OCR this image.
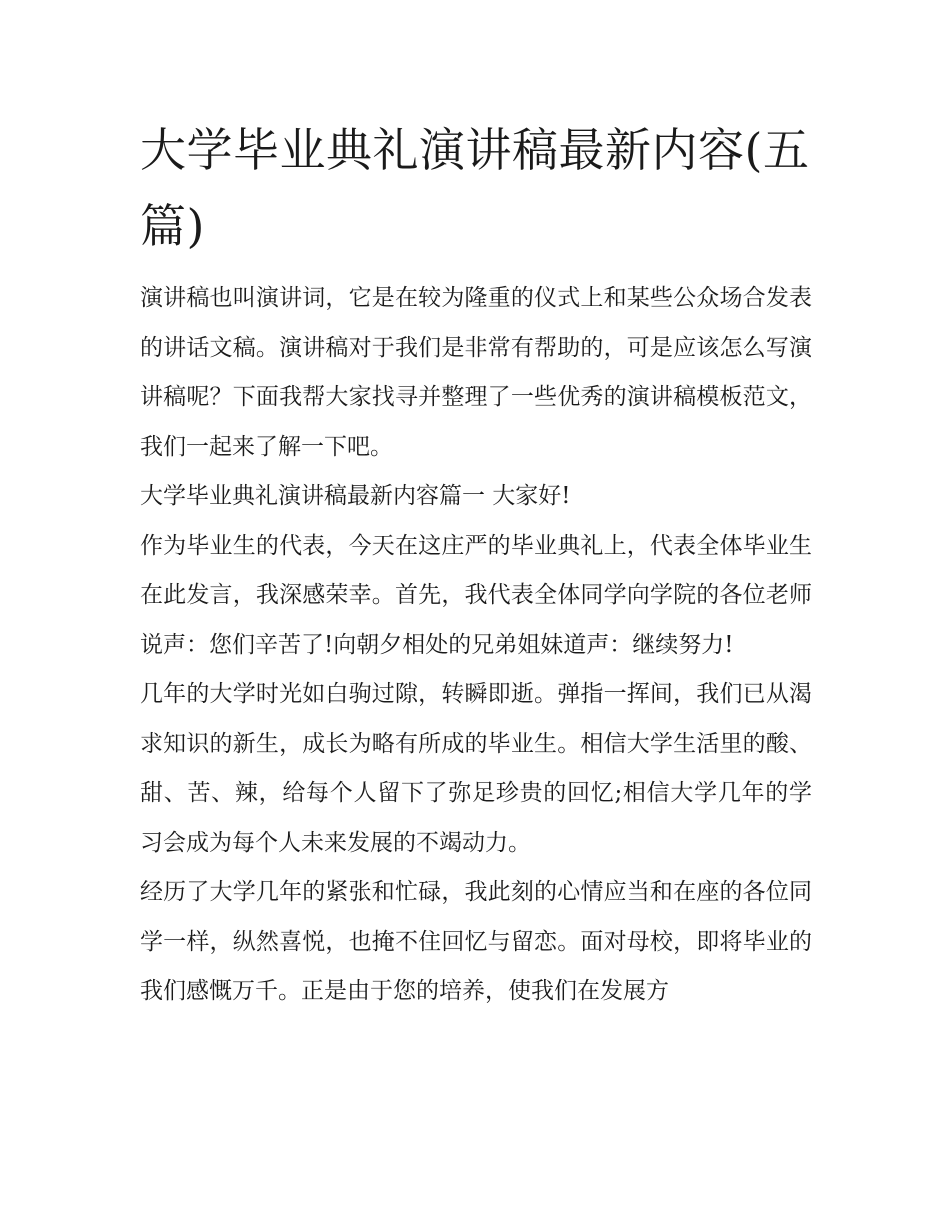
大学毕业典礼演讲稿最新内容(五篇)

演讲稿也叫演讲词，它是在较为隆重的仪式上和某些公众场合发表的讲话文稿。演讲稿对于我们是非常有帮助的，可是应该怎么写演讲稿呢？下面我帮大家找寻并整理了一些优秀的演讲稿模板范文，我们一起来了解一下吧。

大学毕业典礼演讲稿最新内容篇一 大家好!

作为毕业生的代表，今天在这庄严的毕业典礼上，代表全体毕业生在此发言，我深感荣幸。首先，我代表全体同学向学院的各位老师说声：您们辛苦了!向朝夕相处的兄弟姐妹道声：继续努力!

几年的大学时光如白驹过隙，转瞬即逝。弹指一挥间，我们已从渴求知识的新生，成长为略有所成的毕业生。相信大学生活里的酸、甜、苦、辣，给每个人留下了弥足珍贵的回忆;相信大学几年的学习会成为每个人未来发展的不竭动力。

经历了大学几年的紧张和忙碌，我此刻的心情应当和在座的各位同学一样，纵然喜悦，也掩不住回忆与留恋。面对母校，即将毕业的我们感慨万千。正是由于您的培养，使我们在发展方
